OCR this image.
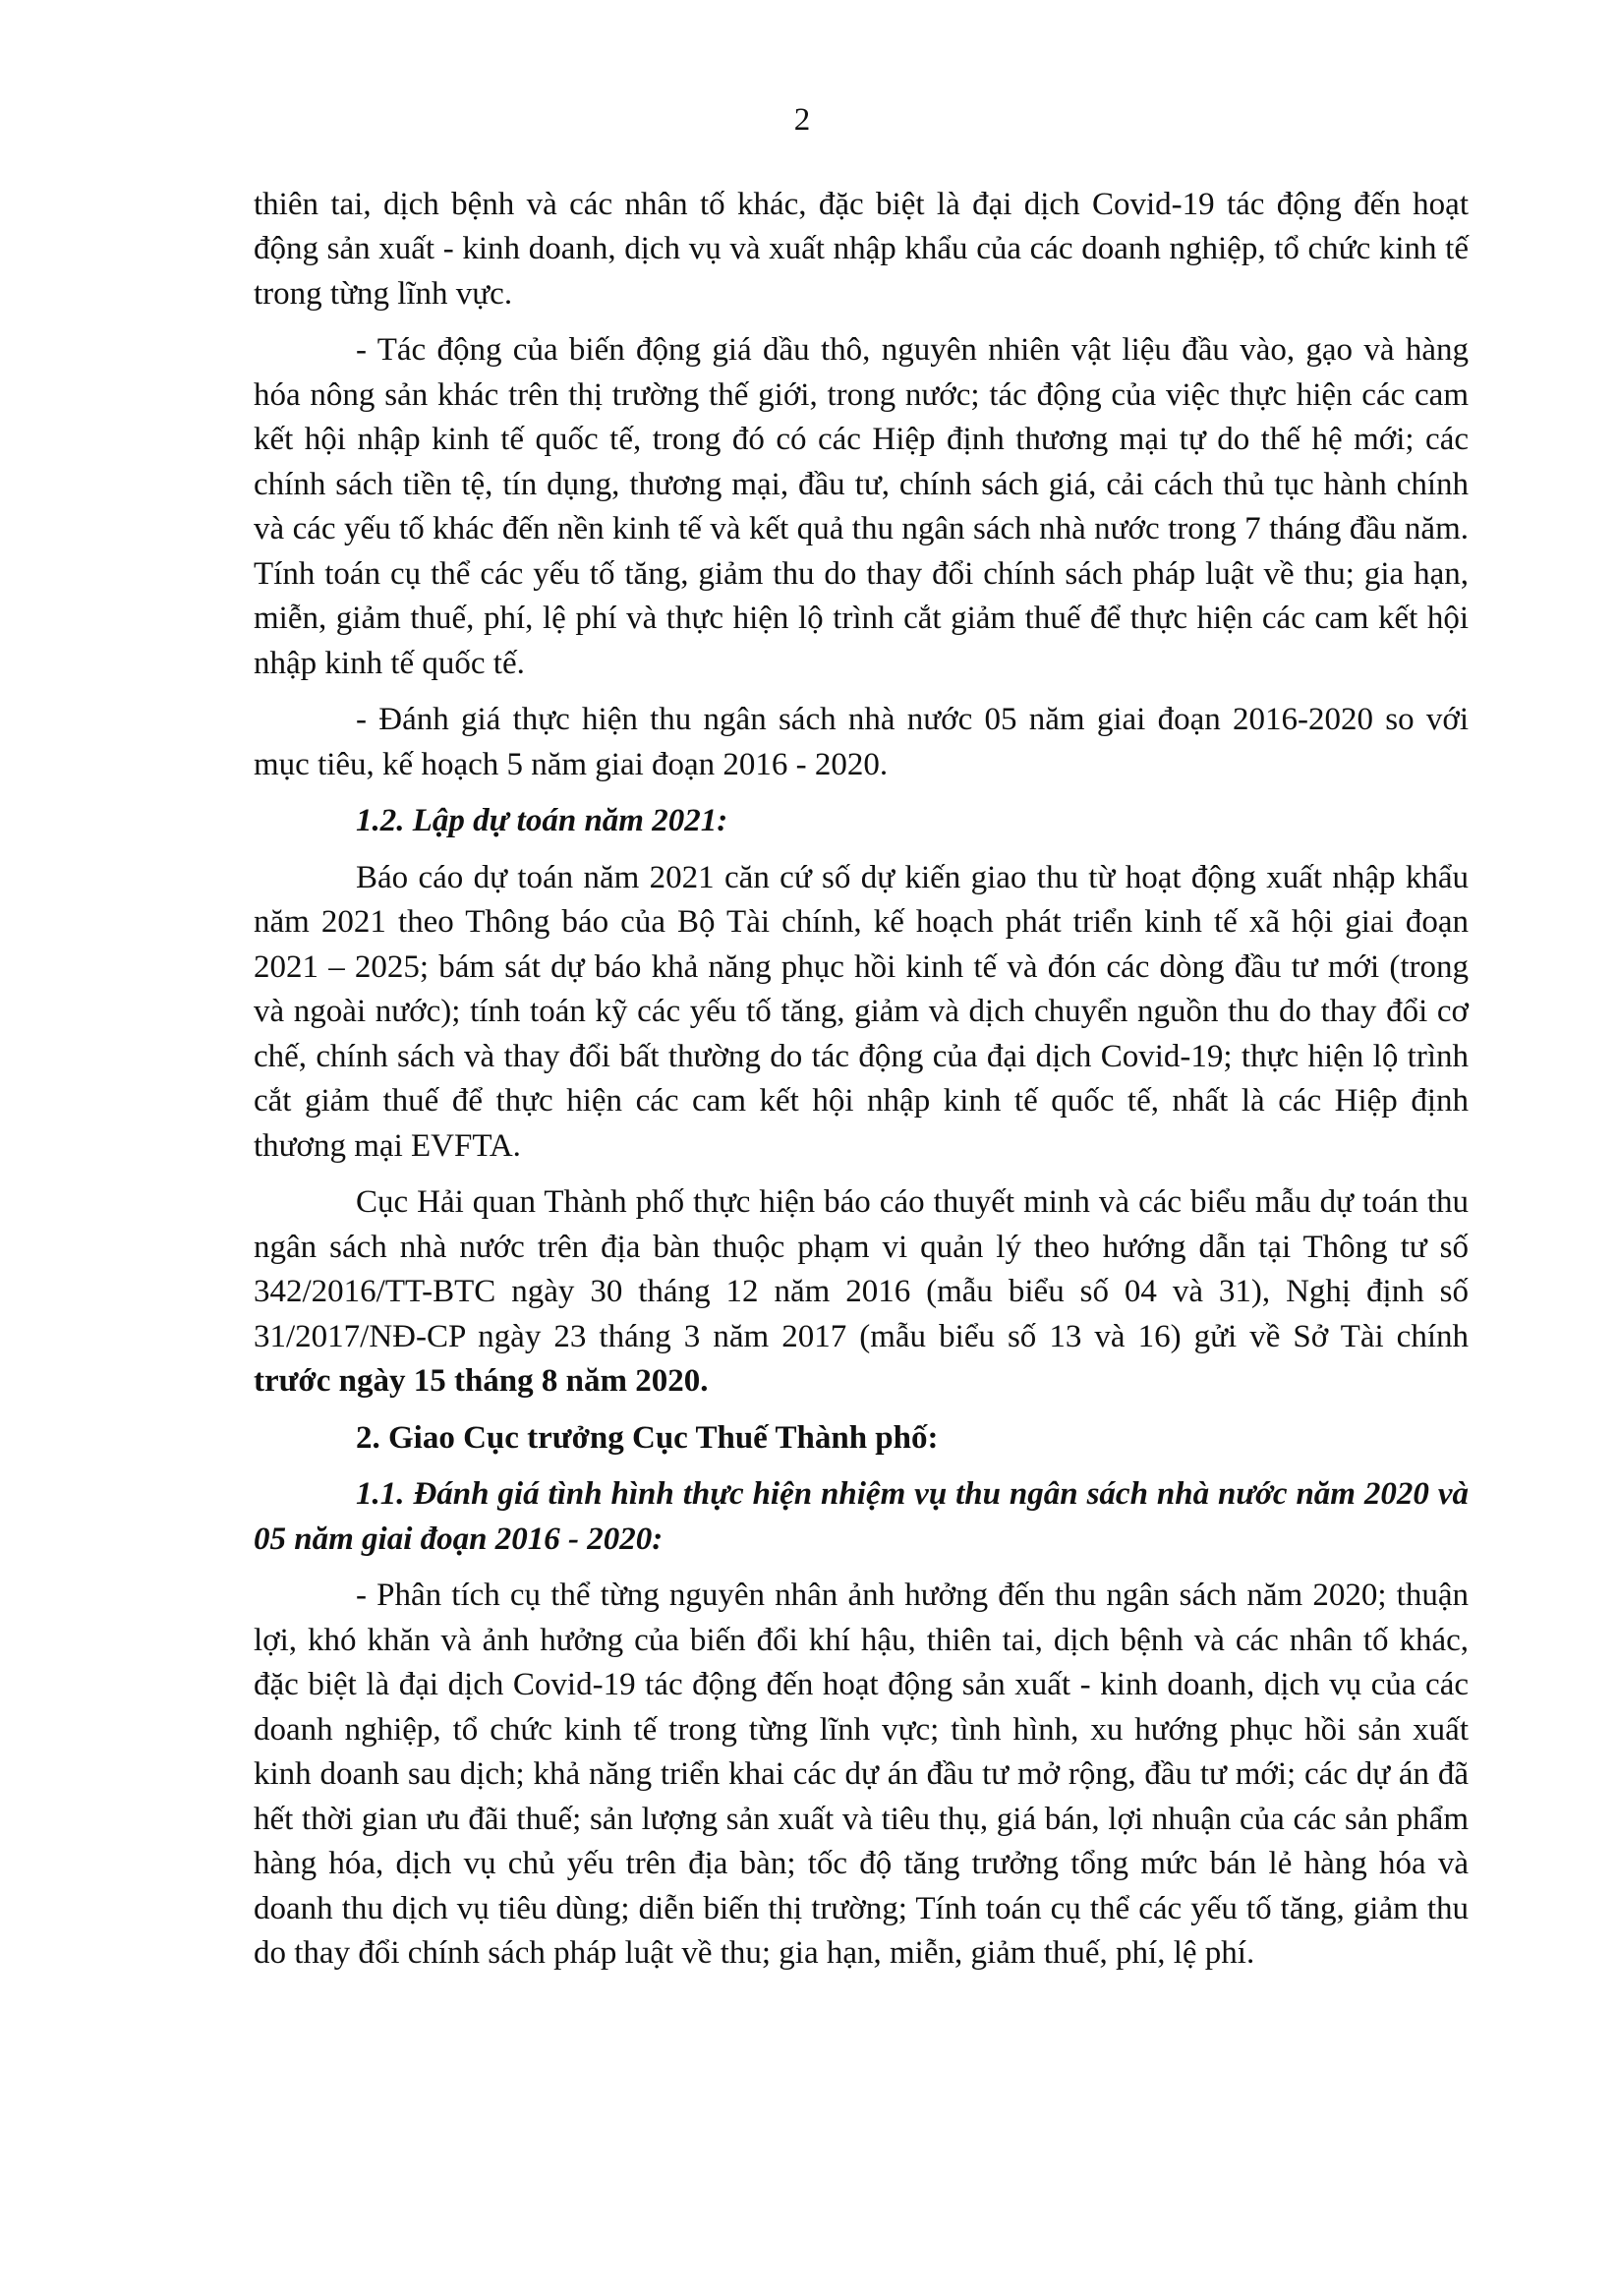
2

thiên tai, dịch bệnh và các nhân tố khác, đặc biệt là đại dịch Covid-19 tác động đến hoạt động sản xuất - kinh doanh, dịch vụ và xuất nhập khẩu của các doanh nghiệp, tổ chức kinh tế trong từng lĩnh vực.

- Tác động của biến động giá dầu thô, nguyên nhiên vật liệu đầu vào, gạo và hàng hóa nông sản khác trên thị trường thế giới, trong nước; tác động của việc thực hiện các cam kết hội nhập kinh tế quốc tế, trong đó có các Hiệp định thương mại tự do thế hệ mới; các chính sách tiền tệ, tín dụng, thương mại, đầu tư, chính sách giá, cải cách thủ tục hành chính và các yếu tố khác đến nền kinh tế và kết quả thu ngân sách nhà nước trong 7 tháng đầu năm. Tính toán cụ thể các yếu tố tăng, giảm thu do thay đổi chính sách pháp luật về thu; gia hạn, miễn, giảm thuế, phí, lệ phí và thực hiện lộ trình cắt giảm thuế để thực hiện các cam kết hội nhập kinh tế quốc tế.

- Đánh giá thực hiện thu ngân sách nhà nước 05 năm giai đoạn 2016-2020 so với mục tiêu, kế hoạch 5 năm giai đoạn 2016 - 2020.

1.2. Lập dự toán năm 2021:

Báo cáo dự toán năm 2021 căn cứ số dự kiến giao thu từ hoạt động xuất nhập khẩu năm 2021 theo Thông báo của Bộ Tài chính, kế hoạch phát triển kinh tế xã hội giai đoạn 2021 – 2025; bám sát dự báo khả năng phục hồi kinh tế và đón các dòng đầu tư mới (trong và ngoài nước); tính toán kỹ các yếu tố tăng, giảm và dịch chuyển nguồn thu do thay đổi cơ chế, chính sách và thay đổi bất thường do tác động của đại dịch Covid-19; thực hiện lộ trình cắt giảm thuế để thực hiện các cam kết hội nhập kinh tế quốc tế, nhất là các Hiệp định thương mại EVFTA.

Cục Hải quan Thành phố thực hiện báo cáo thuyết minh và các biểu mẫu dự toán thu ngân sách nhà nước trên địa bàn thuộc phạm vi quản lý theo hướng dẫn tại Thông tư số 342/2016/TT-BTC ngày 30 tháng 12 năm 2016 (mẫu biểu số 04 và 31), Nghị định số 31/2017/NĐ-CP ngày 23 tháng 3 năm 2017 (mẫu biểu số 13 và 16) gửi về Sở Tài chính trước ngày 15 tháng 8 năm 2020.

2. Giao Cục trưởng Cục Thuế Thành phố:

1.1. Đánh giá tình hình thực hiện nhiệm vụ thu ngân sách nhà nước năm 2020 và 05 năm giai đoạn 2016 - 2020:

- Phân tích cụ thể từng nguyên nhân ảnh hưởng đến thu ngân sách năm 2020; thuận lợi, khó khăn và ảnh hưởng của biến đổi khí hậu, thiên tai, dịch bệnh và các nhân tố khác, đặc biệt là đại dịch Covid-19 tác động đến hoạt động sản xuất - kinh doanh, dịch vụ của các doanh nghiệp, tổ chức kinh tế trong từng lĩnh vực; tình hình, xu hướng phục hồi sản xuất kinh doanh sau dịch; khả năng triển khai các dự án đầu tư mở rộng, đầu tư mới; các dự án đã hết thời gian ưu đãi thuế; sản lượng sản xuất và tiêu thụ, giá bán, lợi nhuận của các sản phẩm hàng hóa, dịch vụ chủ yếu trên địa bàn; tốc độ tăng trưởng tổng mức bán lẻ hàng hóa và doanh thu dịch vụ tiêu dùng; diễn biến thị trường; Tính toán cụ thể các yếu tố tăng, giảm thu do thay đổi chính sách pháp luật về thu; gia hạn, miễn, giảm thuế, phí, lệ phí.
